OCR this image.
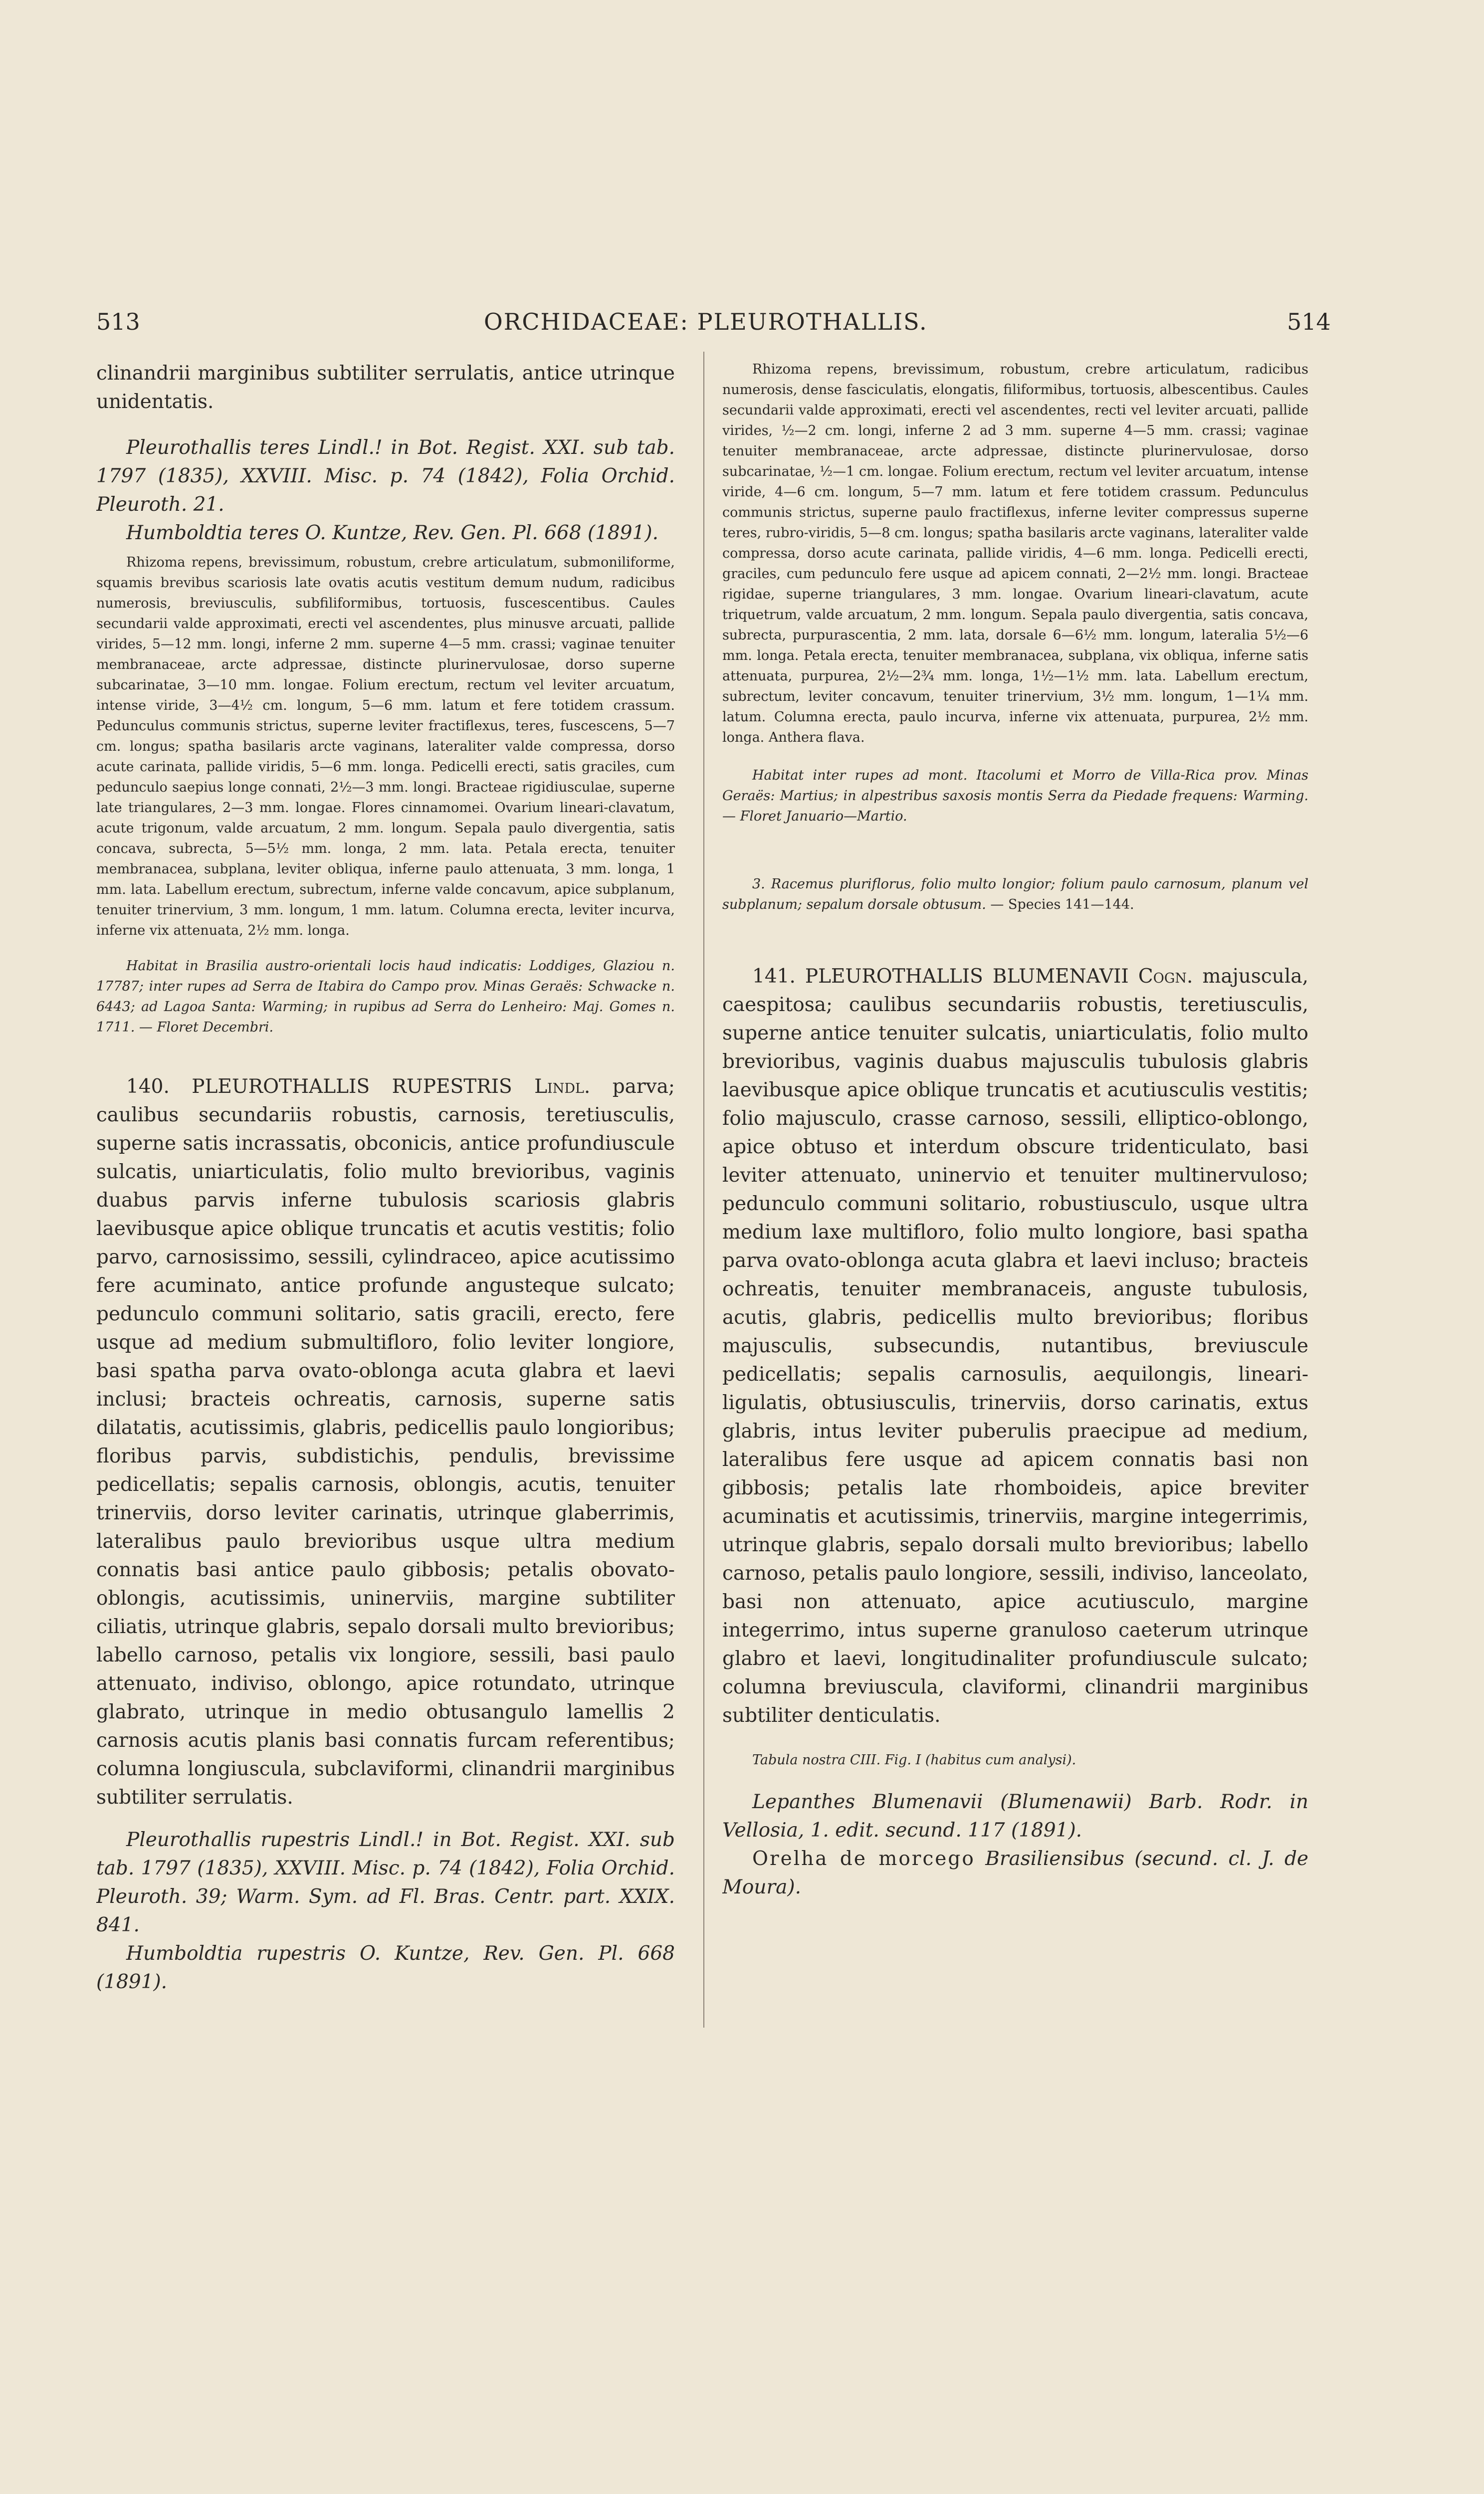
513	ORCHIDACEAE: PLEUROTHALLIS.	514

clinandrii marginibus subtiliter serrulatis, antice utrinque unidentatis.

Pleurothallis teres Lindl.! in Bot. Regist. XXI. sub tab. 1797 (1835), XXVIII. Misc. p. 74 (1842), Folia Orchid. Pleuroth. 21.

Humboldtia teres O. Kuntze, Rev. Gen. Pl. 668 (1891).

Rhizoma repens, brevissimum, robustum, crebre articulatum, submoniliforme, squamis brevibus scariosis late ovatis acutis vestitum demum nudum, radicibus numerosis, breviusculis, subfiliformibus, tortuosis, fuscescentibus. Caules secundarii valde approximati, erecti vel ascendentes, plus minusve arcuati, pallide virides, 5—12 mm. longi, inferne 2 mm. superne 4—5 mm. crassi; vaginae tenuiter membranaceae, arcte adpressae, distincte plurinervulosae, dorso superne subcarinatae, 3—10 mm. longae. Folium erectum, rectum vel leviter arcuatum, intense viride, 3—4½ cm. longum, 5—6 mm. latum et fere totidem crassum. Pedunculus communis strictus, superne leviter fractiflexus, teres, fuscescens, 5—7 cm. longus; spatha basilaris arcte vaginans, lateraliter valde compressa, dorso acute carinata, pallide viridis, 5—6 mm. longa. Pedicelli erecti, satis graciles, cum pedunculo saepius longe connati, 2½—3 mm. longi. Bracteae rigidiusculae, superne late triangulares, 2—3 mm. longae. Flores cinnamomei. Ovarium lineari-clavatum, acute trigonum, valde arcuatum, 2 mm. longum. Sepala paulo divergentia, satis concava, subrecta, 5—5½ mm. longa, 2 mm. lata. Petala erecta, tenuiter membranacea, subplana, leviter obliqua, inferne paulo attenuata, 3 mm. longa, 1 mm. lata. Labellum erectum, subrectum, inferne valde concavum, apice subplanum, tenuiter trinervium, 3 mm. longum, 1 mm. latum. Columna erecta, leviter incurva, inferne vix attenuata, 2½ mm. longa.

Habitat in Brasilia austro-orientali locis haud indicatis: Loddiges, Glaziou n. 17787; inter rupes ad Serra de Itabira do Campo prov. Minas Geraës: Schwacke n. 6443; ad Lagoa Santa: Warming; in rupibus ad Serra do Lenheiro: Maj. Gomes n. 1711. — Floret Decembri.

140. PLEUROTHALLIS RUPESTRIS Lindl. parva; caulibus secundariis robustis, carnosis, teretiusculis, superne satis incrassatis, obconicis, antice profundiuscule sulcatis, uniarticulatis, folio multo brevioribus, vaginis duabus parvis inferne tubulosis scariosis glabris laevibusque apice oblique truncatis et acutis vestitis; folio parvo, carnosissimo, sessili, cylindraceo, apice acutissimo fere acuminato, antice profunde angusteque sulcato; pedunculo communi solitario, satis gracili, erecto, fere usque ad medium submultifloro, folio leviter longiore, basi spatha parva ovato-oblonga acuta glabra et laevi inclusi; bracteis ochreatis, carnosis, superne satis dilatatis, acutissimis, glabris, pedicellis paulo longioribus; floribus parvis, subdistichis, pendulis, brevissime pedicellatis; sepalis carnosis, oblongis, acutis, tenuiter trinerviis, dorso leviter carinatis, utrinque glaberrimis, lateralibus paulo brevioribus usque ultra medium connatis basi antice paulo gibbosis; petalis obovato-oblongis, acutissimis, uninerviis, margine subtiliter ciliatis, utrinque glabris, sepalo dorsali multo brevioribus; labello carnoso, petalis vix longiore, sessili, basi paulo attenuato, indiviso, oblongo, apice rotundato, utrinque glabrato, utrinque in medio obtusangulo lamellis 2 carnosis acutis planis basi connatis furcam referentibus; columna longiuscula, subclaviformi, clinandrii marginibus subtiliter serrulatis.

Pleurothallis rupestris Lindl.! in Bot. Regist. XXI. sub tab. 1797 (1835), XXVIII. Misc. p. 74 (1842), Folia Orchid. Pleuroth. 39; Warm. Sym. ad Fl. Bras. Centr. part. XXIX. 841.

Humboldtia rupestris O. Kuntze, Rev. Gen. Pl. 668 (1891).

Rhizoma repens, brevissimum, robustum, crebre articulatum, radicibus numerosis, dense fasciculatis, elongatis, filiformibus, tortuosis, albescentibus. Caules secundarii valde approximati, erecti vel ascendentes, recti vel leviter arcuati, pallide virides, ½—2 cm. longi, inferne 2 ad 3 mm. superne 4—5 mm. crassi; vaginae tenuiter membranaceae, arcte adpressae, distincte plurinervulosae, dorso subcarinatae, ½—1 cm. longae. Folium erectum, rectum vel leviter arcuatum, intense viride, 4—6 cm. longum, 5—7 mm. latum et fere totidem crassum. Pedunculus communis strictus, superne paulo fractiflexus, inferne leviter compressus superne teres, rubro-viridis, 5—8 cm. longus; spatha basilaris arcte vaginans, lateraliter valde compressa, dorso acute carinata, pallide viridis, 4—6 mm. longa. Pedicelli erecti, graciles, cum pedunculo fere usque ad apicem connati, 2—2½ mm. longi. Bracteae rigidae, superne triangulares, 3 mm. longae. Ovarium lineari-clavatum, acute triquetrum, valde arcuatum, 2 mm. longum. Sepala paulo divergentia, satis concava, subrecta, purpurascentia, 2 mm. lata, dorsale 6—6½ mm. longum, lateralia 5½—6 mm. longa. Petala erecta, tenuiter membranacea, subplana, vix obliqua, inferne satis attenuata, purpurea, 2½—2¾ mm. longa, 1½—1½ mm. lata. Labellum erectum, subrectum, leviter concavum, tenuiter trinervium, 3½ mm. longum, 1—1¼ mm. latum. Columna erecta, paulo incurva, inferne vix attenuata, purpurea, 2½ mm. longa. Anthera flava.

Habitat inter rupes ad mont. Itacolumi et Morro de Villa-Rica prov. Minas Geraës: Martius; in alpestribus saxosis montis Serra da Piedade frequens: Warming. — Floret Januario—Martio.

3. Racemus pluriflorus, folio multo longior; folium paulo carnosum, planum vel subplanum; sepalum dorsale obtusum. — Species 141—144.

141. PLEUROTHALLIS BLUMENAVII Cogn. majuscula, caespitosa; caulibus secundariis robustis, teretiusculis, superne antice tenuiter sulcatis, uniarticulatis, folio multo brevioribus, vaginis duabus majusculis tubulosis glabris laevibusque apice oblique truncatis et acutiusculis vestitis; folio majusculo, crasse carnoso, sessili, elliptico-oblongo, apice obtuso et interdum obscure tridenticulato, basi leviter attenuato, uninervio et tenuiter multinervuloso; pedunculo communi solitario, robustiusculo, usque ultra medium laxe multifloro, folio multo longiore, basi spatha parva ovato-oblonga acuta glabra et laevi incluso; bracteis ochreatis, tenuiter membranaceis, anguste tubulosis, acutis, glabris, pedicellis multo brevioribus; floribus majusculis, subsecundis, nutantibus, breviuscule pedicellatis; sepalis carnosulis, aequilongis, lineari-ligulatis, obtusiusculis, trinerviis, dorso carinatis, extus glabris, intus leviter puberulis praecipue ad medium, lateralibus fere usque ad apicem connatis basi non gibbosis; petalis late rhomboideis, apice breviter acuminatis et acutissimis, trinerviis, margine integerrimis, utrinque glabris, sepalo dorsali multo brevioribus; labello carnoso, petalis paulo longiore, sessili, indiviso, lanceolato, basi non attenuato, apice acutiusculo, margine integerrimo, intus superne granuloso caeterum utrinque glabro et laevi, longitudinaliter profundiuscule sulcato; columna breviuscula, claviformi, clinandrii marginibus subtiliter denticulatis.

Tabula nostra CIII. Fig. I (habitus cum analysi).

Lepanthes Blumenavii (Blumenawii) Barb. Rodr. in Vellosia, 1. edit. secund. 117 (1891).

Orelha de morcego Brasiliensibus (secund. cl. J. de Moura).
